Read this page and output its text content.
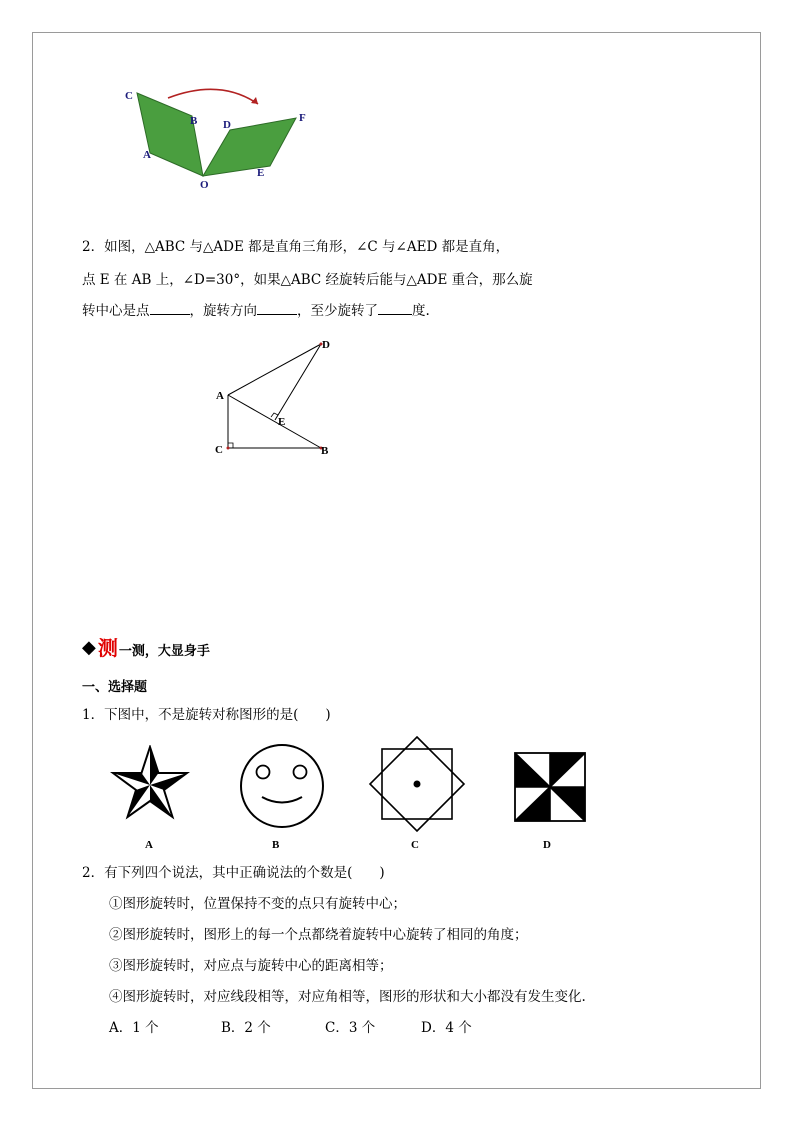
C
B
A
O
D
F
E
2．如图，△ABC 与△ADE 都是直角三角形，∠C 与∠AED 都是直角，
点 E 在 AB 上，∠D=30°，如果△ABC 经旋转后能与△ADE 重合，那么旋
转中心是点	，旋转方向	，至少旋转了	度.
A
C
D
E
B
◆ 测 一测，大显身手
一、选择题
1．下图中，不是旋转对称图形的是(　　)
A	B	C	D
2．有下列四个说法，其中正确说法的个数是(　　)
①图形旋转时，位置保持不变的点只有旋转中心；
②图形旋转时，图形上的每一个点都绕着旋转中心旋转了相同的角度；
③图形旋转时，对应点与旋转中心的距离相等；
④图形旋转时，对应线段相等，对应角相等，图形的形状和大小都没有发生变化.
A．1 个	B．2 个	C．3 个	D．4 个
